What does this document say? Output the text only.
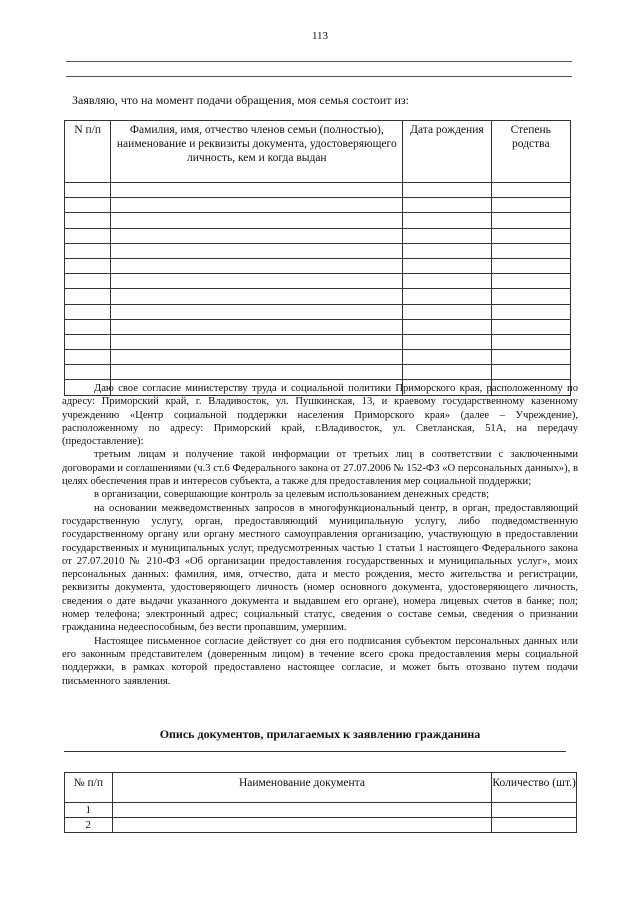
113
Заявляю, что на момент подачи обращения, моя семья состоит из:
N п/п	Фамилия, имя, отчество членов семьи (полностью), наименование и реквизиты документа, удостоверяющего личность, кем и когда выдан	Дата рождения	Степень родства

Даю свое согласие министерству труда и социальной политики Приморского края, расположенному по адресу: Приморский край, г. Владивосток, ул. Пушкинская, 13, и краевому государственному казенному учреждению «Центр социальной поддержки населения Приморского края» (далее – Учреждение), расположенному по адресу: Приморский край, г.Владивосток, ул. Светланская, 51А, на передачу (предоставление):

третьим лицам и получение такой информации от третьих лиц в соответствии с заключенными договорами и соглашениями (ч.3 ст.6 Федерального закона от 27.07.2006 № 152-ФЗ «О персональных данных»), в целях обеспечения прав и интересов субъекта, а также для предоставления мер социальной поддержки;

в организации, совершающие контроль за целевым использованием денежных средств;

на основании межведомственных запросов в многофункциональный центр, в орган, предоставляющий государственную услугу, орган, предоставляющий муниципальную услугу, либо подведомственную государственному органу или органу местного самоуправления организацию, участвующую в предоставлении государственных и муниципальных услуг, предусмотренных частью 1 статьи 1 настоящего Федерального закона от 27.07.2010 № 210-ФЗ «Об организации предоставления государственных и муниципальных услуг», моих персональных данных: фамилия, имя, отчество, дата и место рождения, место жительства и регистрации, реквизиты документа, удостоверяющего личность (номер основного документа, удостоверяющего личность, сведения о дате выдачи указанного документа и выдавшем его органе), номера лицевых счетов в банке; пол; номер телефона; электронный адрес; социальный статус, сведения о составе семьи, сведения о признании гражданина недееспособным, без вести пропавшим, умершим.

Настоящее письменное согласие действует со дня его подписания субъектом персональных данных или его законным представителем (доверенным лицом) в течение всего срока предоставления меры социальной поддержки, в рамках которой предоставлено настоящее согласие, и может быть отозвано путем подачи письменного заявления.

Опись документов, прилагаемых к заявлению гражданина
№ п/п	Наименование документа	Количество (шт.)
1		
2		
